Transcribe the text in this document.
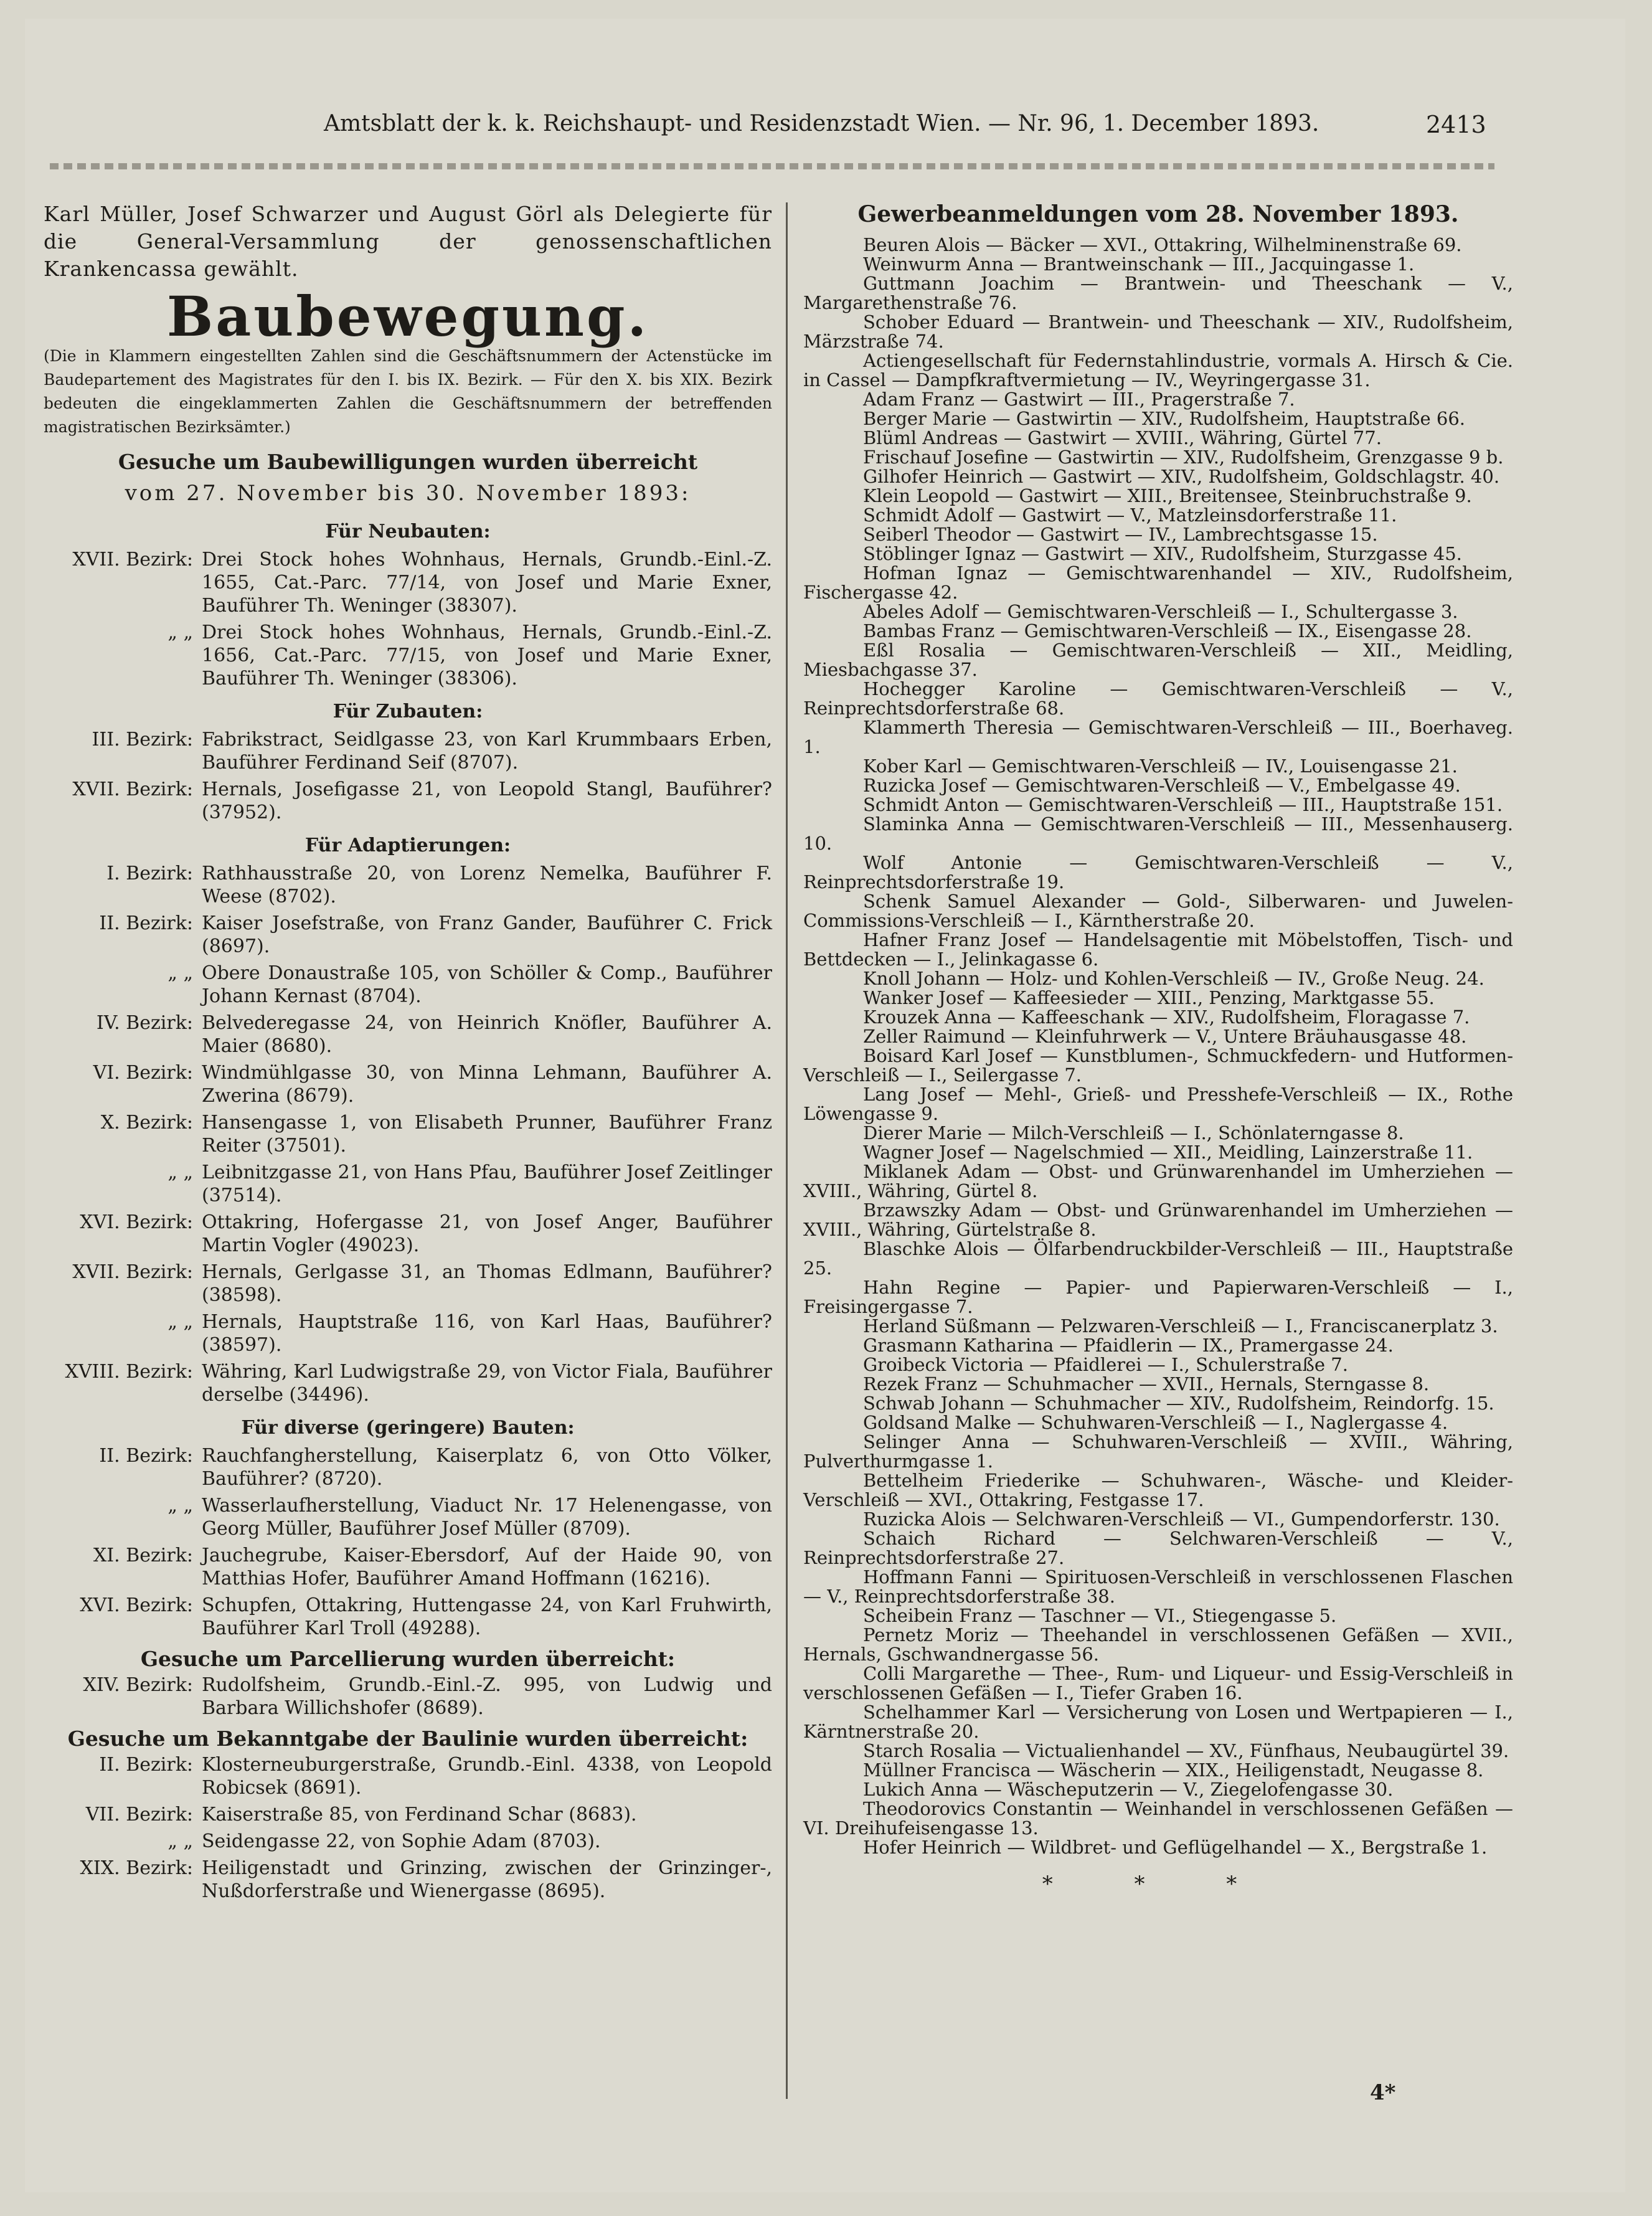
Amtsblatt der k. k. Reichshaupt- und Residenzstadt Wien. — Nr. 96, 1. December 1893.	2413

Karl Müller, Josef Schwarzer und August Görl als Delegierte für die General-Versammlung der genossenschaftlichen Krankencassa gewählt.

Baubewegung.

(Die in Klammern eingestellten Zahlen sind die Geschäftsnummern der Actenstücke im Baudepartement des Magistrates für den I. bis IX. Bezirk. — Für den X. bis XIX. Bezirk bedeuten die eingeklammerten Zahlen die Geschäftsnummern der betreffenden magistratischen Bezirksämter.)

Gesuche um Baubewilligungen wurden überreicht
vom 27. November bis 30. November 1893:
Für Neubauten:
XVII. Bezirk: Drei Stock hohes Wohnhaus, Hernals, Grundb.-Einl.-Z. 1655, Cat.-Parc. 77/14, von Josef und Marie Exner, Bauführer Th. Weninger (38307).
„ „ Drei Stock hohes Wohnhaus, Hernals, Grundb.-Einl.-Z. 1656, Cat.-Parc. 77/15, von Josef und Marie Exner, Bauführer Th. Weninger (38306).
Für Zubauten:
III. Bezirk: Fabrikstract, Seidlgasse 23, von Karl Krummbaars Erben, Bauführer Ferdinand Seif (8707).
XVII. Bezirk: Hernals, Josefigasse 21, von Leopold Stangl, Bauführer? (37952).
Für Adaptierungen:
I. Bezirk: Rathhausstraße 20, von Lorenz Nemelka, Bauführer F. Weese (8702).
II. Bezirk: Kaiser Josefstraße, von Franz Gander, Bauführer C. Frick (8697).
„ „ Obere Donaustraße 105, von Schöller & Comp., Bauführer Johann Kernast (8704).
IV. Bezirk: Belvederegasse 24, von Heinrich Knöfler, Bauführer A. Maier (8680).
VI. Bezirk: Windmühlgasse 30, von Minna Lehmann, Bauführer A. Zwerina (8679).
X. Bezirk: Hansengasse 1, von Elisabeth Prunner, Bauführer Franz Reiter (37501).
„ „ Leibnitzgasse 21, von Hans Pfau, Bauführer Josef Zeitlinger (37514).
XVI. Bezirk: Ottakring, Hofergasse 21, von Josef Anger, Bauführer Martin Vogler (49023).
XVII. Bezirk: Hernals, Gerlgasse 31, an Thomas Edlmann, Bauführer? (38598).
„ „ Hernals, Hauptstraße 116, von Karl Haas, Bauführer? (38597).
XVIII. Bezirk: Währing, Karl Ludwigstraße 29, von Victor Fiala, Bauführer derselbe (34496).
Für diverse (geringere) Bauten:
II. Bezirk: Rauchfangherstellung, Kaiserplatz 6, von Otto Völker, Bauführer? (8720).
„ „ Wasserlaufherstellung, Viaduct Nr. 17 Helenengasse, von Georg Müller, Bauführer Josef Müller (8709).
XI. Bezirk: Jauchegrube, Kaiser-Ebersdorf, Auf der Haide 90, von Matthias Hofer, Bauführer Amand Hoffmann (16216).
XVI. Bezirk: Schupfen, Ottakring, Huttengasse 24, von Karl Fruhwirth, Bauführer Karl Troll (49288).
Gesuche um Parcellierung wurden überreicht:
XIV. Bezirk: Rudolfsheim, Grundb.-Einl.-Z. 995, von Ludwig und Barbara Willichshofer (8689).
Gesuche um Bekanntgabe der Baulinie wurden überreicht:
II. Bezirk: Klosterneuburgerstraße, Grundb.-Einl. 4338, von Leopold Robicsek (8691).
VII. Bezirk: Kaiserstraße 85, von Ferdinand Schar (8683).
„ „ Seidengasse 22, von Sophie Adam (8703).
XIX. Bezirk: Heiligenstadt und Grinzing, zwischen der Grinzinger-, Nußdorferstraße und Wienergasse (8695).
Gewerbeanmeldungen vom 28. November 1893.

Beuren Alois — Bäcker — XVI., Ottakring, Wilhelminenstraße 69.

Weinwurm Anna — Brantweinschank — III., Jacquingasse 1.

Guttmann Joachim — Brantwein- und Theeschank — V., Margarethenstraße 76.

Schober Eduard — Brantwein- und Theeschank — XIV., Rudolfsheim, Märzstraße 74.

Actiengesellschaft für Federnstahlindustrie, vormals A. Hirsch & Cie. in Cassel — Dampfkraftvermietung — IV., Weyringergasse 31.

Adam Franz — Gastwirt — III., Pragerstraße 7.

Berger Marie — Gastwirtin — XIV., Rudolfsheim, Hauptstraße 66.

Blüml Andreas — Gastwirt — XVIII., Währing, Gürtel 77.

Frischauf Josefine — Gastwirtin — XIV., Rudolfsheim, Grenzgasse 9 b.

Gilhofer Heinrich — Gastwirt — XIV., Rudolfsheim, Goldschlagstr. 40.

Klein Leopold — Gastwirt — XIII., Breitensee, Steinbruchstraße 9.

Schmidt Adolf — Gastwirt — V., Matzleinsdorferstraße 11.

Seiberl Theodor — Gastwirt — IV., Lambrechtsgasse 15.

Stöblinger Ignaz — Gastwirt — XIV., Rudolfsheim, Sturzgasse 45.

Hofman Ignaz — Gemischtwarenhandel — XIV., Rudolfsheim, Fischergasse 42.

Abeles Adolf — Gemischtwaren-Verschleiß — I., Schultergasse 3.

Bambas Franz — Gemischtwaren-Verschleiß — IX., Eisengasse 28.

Eßl Rosalia — Gemischtwaren-Verschleiß — XII., Meidling, Miesbachgasse 37.

Hochegger Karoline — Gemischtwaren-Verschleiß — V., Reinprechtsdorferstraße 68.

Klammerth Theresia — Gemischtwaren-Verschleiß — III., Boerhaveg. 1.

Kober Karl — Gemischtwaren-Verschleiß — IV., Louisengasse 21.

Ruzicka Josef — Gemischtwaren-Verschleiß — V., Embelgasse 49.

Schmidt Anton — Gemischtwaren-Verschleiß — III., Hauptstraße 151.

Slaminka Anna — Gemischtwaren-Verschleiß — III., Messenhauserg. 10.

Wolf Antonie — Gemischtwaren-Verschleiß — V., Reinprechtsdorferstraße 19.

Schenk Samuel Alexander — Gold-, Silberwaren- und Juwelen-Commissions-Verschleiß — I., Kärntherstraße 20.

Hafner Franz Josef — Handelsagentie mit Möbelstoffen, Tisch- und Bettdecken — I., Jelinkagasse 6.

Knoll Johann — Holz- und Kohlen-Verschleiß — IV., Große Neug. 24.

Wanker Josef — Kaffeesieder — XIII., Penzing, Marktgasse 55.

Krouzek Anna — Kaffeeschank — XIV., Rudolfsheim, Floragasse 7.

Zeller Raimund — Kleinfuhrwerk — V., Untere Bräuhausgasse 48.

Boisard Karl Josef — Kunstblumen-, Schmuckfedern- und Hutformen-Verschleiß — I., Seilergasse 7.

Lang Josef — Mehl-, Grieß- und Presshefe-Verschleiß — IX., Rothe Löwengasse 9.

Dierer Marie — Milch-Verschleiß — I., Schönlaterngasse 8.

Wagner Josef — Nagelschmied — XII., Meidling, Lainzerstraße 11.

Miklanek Adam — Obst- und Grünwarenhandel im Umherziehen — XVIII., Währing, Gürtel 8.

Brzawszky Adam — Obst- und Grünwarenhandel im Umherziehen — XVIII., Währing, Gürtelstraße 8.

Blaschke Alois — Ölfarbendruckbilder-Verschleiß — III., Hauptstraße 25.

Hahn Regine — Papier- und Papierwaren-Verschleiß — I., Freisingergasse 7.

Herland Süßmann — Pelzwaren-Verschleiß — I., Franciscanerplatz 3.

Grasmann Katharina — Pfaidlerin — IX., Pramergasse 24.

Groibeck Victoria — Pfaidlerei — I., Schulerstraße 7.

Rezek Franz — Schuhmacher — XVII., Hernals, Sterngasse 8.

Schwab Johann — Schuhmacher — XIV., Rudolfsheim, Reindorfg. 15.

Goldsand Malke — Schuhwaren-Verschleiß — I., Naglergasse 4.

Selinger Anna — Schuhwaren-Verschleiß — XVIII., Währing, Pulverthurmgasse 1.

Bettelheim Friederike — Schuhwaren-, Wäsche- und Kleider-Verschleiß — XVI., Ottakring, Festgasse 17.

Ruzicka Alois — Selchwaren-Verschleiß — VI., Gumpendorferstr. 130.

Schaich Richard — Selchwaren-Verschleiß — V., Reinprechtsdorferstraße 27.

Hoffmann Fanni — Spirituosen-Verschleiß in verschlossenen Flaschen — V., Reinprechtsdorferstraße 38.

Scheibein Franz — Taschner — VI., Stiegengasse 5.

Pernetz Moriz — Theehandel in verschlossenen Gefäßen — XVII., Hernals, Gschwandnergasse 56.

Colli Margarethe — Thee-, Rum- und Liqueur- und Essig-Verschleiß in verschlossenen Gefäßen — I., Tiefer Graben 16.

Schelhammer Karl — Versicherung von Losen und Wertpapieren — I., Kärntnerstraße 20.

Starch Rosalia — Victualienhandel — XV., Fünfhaus, Neubaugürtel 39.

Müllner Francisca — Wäscherin — XIX., Heiligenstadt, Neugasse 8.

Lukich Anna — Wäscheputzerin — V., Ziegelofengasse 30.

Theodorovics Constantin — Weinhandel in verschlossenen Gefäßen — VI. Dreihufeisengasse 13.

Hofer Heinrich — Wildbret- und Geflügelhandel — X., Bergstraße 1.

* * *
4*
